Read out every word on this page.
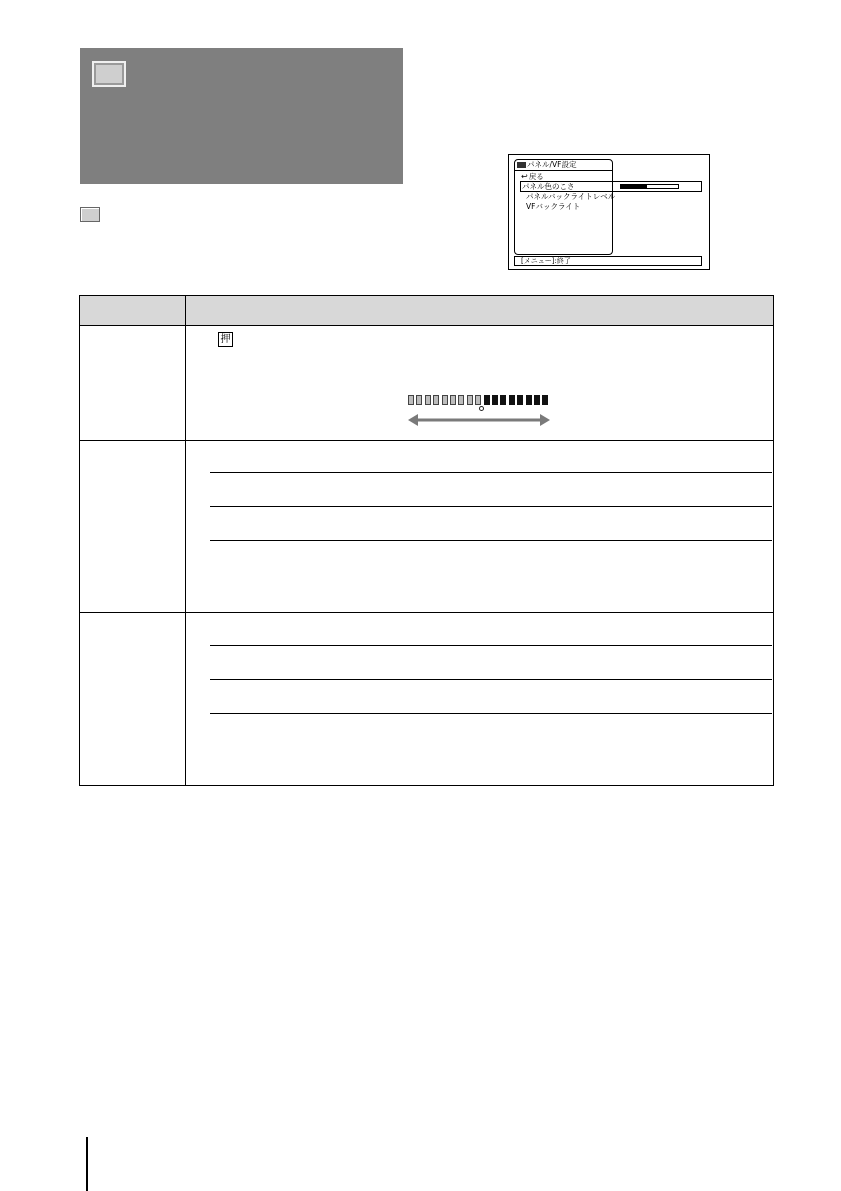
パネル/VF設定
↩戻る
パネル色のこさ
パネルバックライトレベル
VFバックライト
[メニュー]:終了
押
